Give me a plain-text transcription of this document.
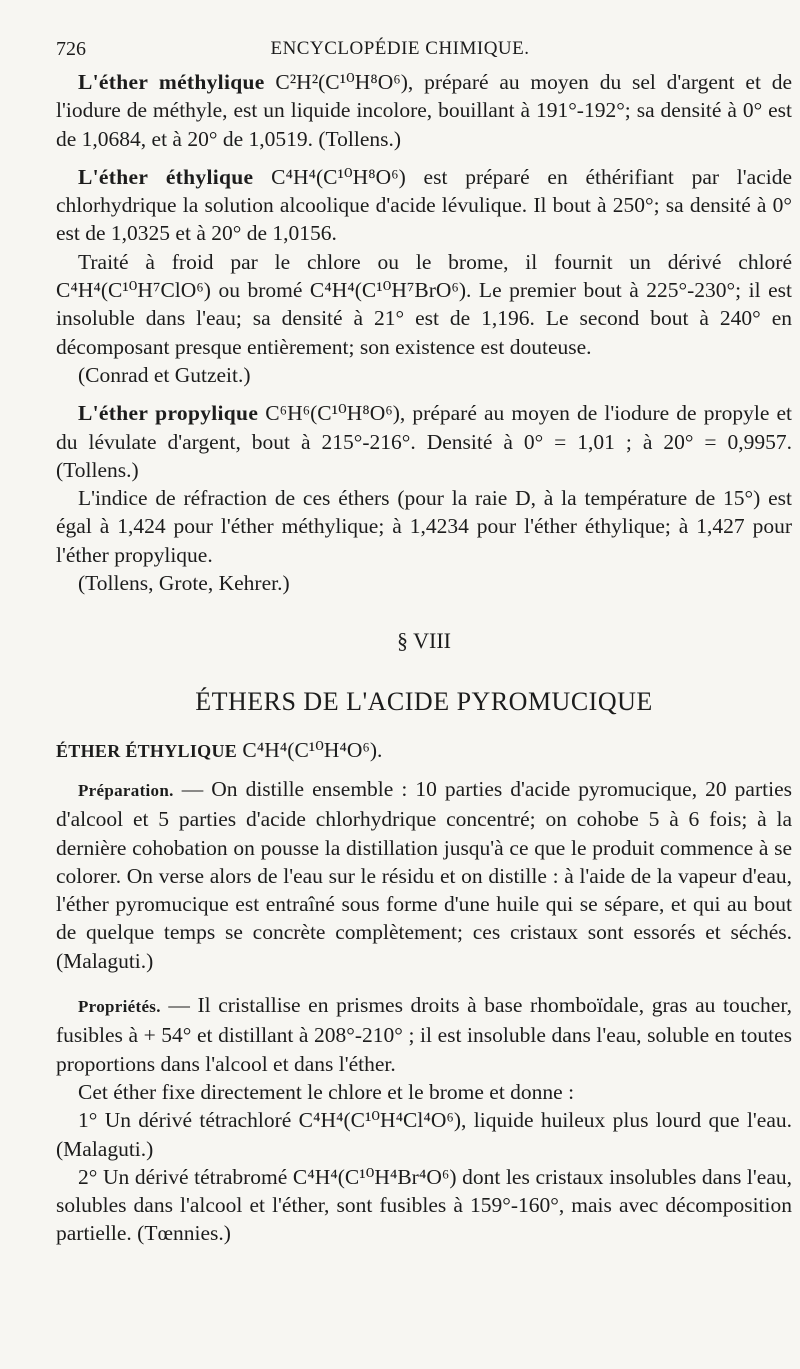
726	ENCYCLOPÉDIE CHIMIQUE.

L'éther méthylique C²H²(C¹⁰H⁸O⁶), préparé au moyen du sel d'argent et de l'iodure de méthyle, est un liquide incolore, bouillant à 191°-192°; sa densité à 0° est de 1,0684, et à 20° de 1,0519. (Tollens.)

L'éther éthylique C⁴H⁴(C¹⁰H⁸O⁶) est préparé en éthérifiant par l'acide chlorhydrique la solution alcoolique d'acide lévulique. Il bout à 250°; sa densité à 0° est de 1,0325 et à 20° de 1,0156.

Traité à froid par le chlore ou le brome, il fournit un dérivé chloré C⁴H⁴(C¹⁰H⁷ClO⁶) ou bromé C⁴H⁴(C¹⁰H⁷BrO⁶). Le premier bout à 225°-230°; il est insoluble dans l'eau; sa densité à 21° est de 1,196. Le second bout à 240° en décomposant presque entièrement; son existence est douteuse.

(Conrad et Gutzeit.)

L'éther propylique C⁶H⁶(C¹⁰H⁸O⁶), préparé au moyen de l'iodure de propyle et du lévulate d'argent, bout à 215°-216°. Densité à 0° = 1,01 ; à 20° = 0,9957. (Tollens.)

L'indice de réfraction de ces éthers (pour la raie D, à la température de 15°) est égal à 1,424 pour l'éther méthylique; à 1,4234 pour l'éther éthylique; à 1,427 pour l'éther propylique.

(Tollens, Grote, Kehrer.)

§ VIII

ÉTHERS DE L'ACIDE PYROMUCIQUE

ÉTHER ÉTHYLIQUE C⁴H⁴(C¹⁰H⁴O⁶).

Préparation. — On distille ensemble : 10 parties d'acide pyromucique, 20 parties d'alcool et 5 parties d'acide chlorhydrique concentré; on cohobe 5 à 6 fois; à la dernière cohobation on pousse la distillation jusqu'à ce que le produit commence à se colorer. On verse alors de l'eau sur le résidu et on distille : à l'aide de la vapeur d'eau, l'éther pyromucique est entraîné sous forme d'une huile qui se sépare, et qui au bout de quelque temps se concrète complètement; ces cristaux sont essorés et séchés. (Malaguti.)

Propriétés. — Il cristallise en prismes droits à base rhomboïdale, gras au toucher, fusibles à + 54° et distillant à 208°-210° ; il est insoluble dans l'eau, soluble en toutes proportions dans l'alcool et dans l'éther.

Cet éther fixe directement le chlore et le brome et donne :

1° Un dérivé tétrachloré C⁴H⁴(C¹⁰H⁴Cl⁴O⁶), liquide huileux plus lourd que l'eau. (Malaguti.)

2° Un dérivé tétrabromé C⁴H⁴(C¹⁰H⁴Br⁴O⁶) dont les cristaux insolubles dans l'eau, solubles dans l'alcool et l'éther, sont fusibles à 159°-160°, mais avec décomposition partielle. (Tœnnies.)
